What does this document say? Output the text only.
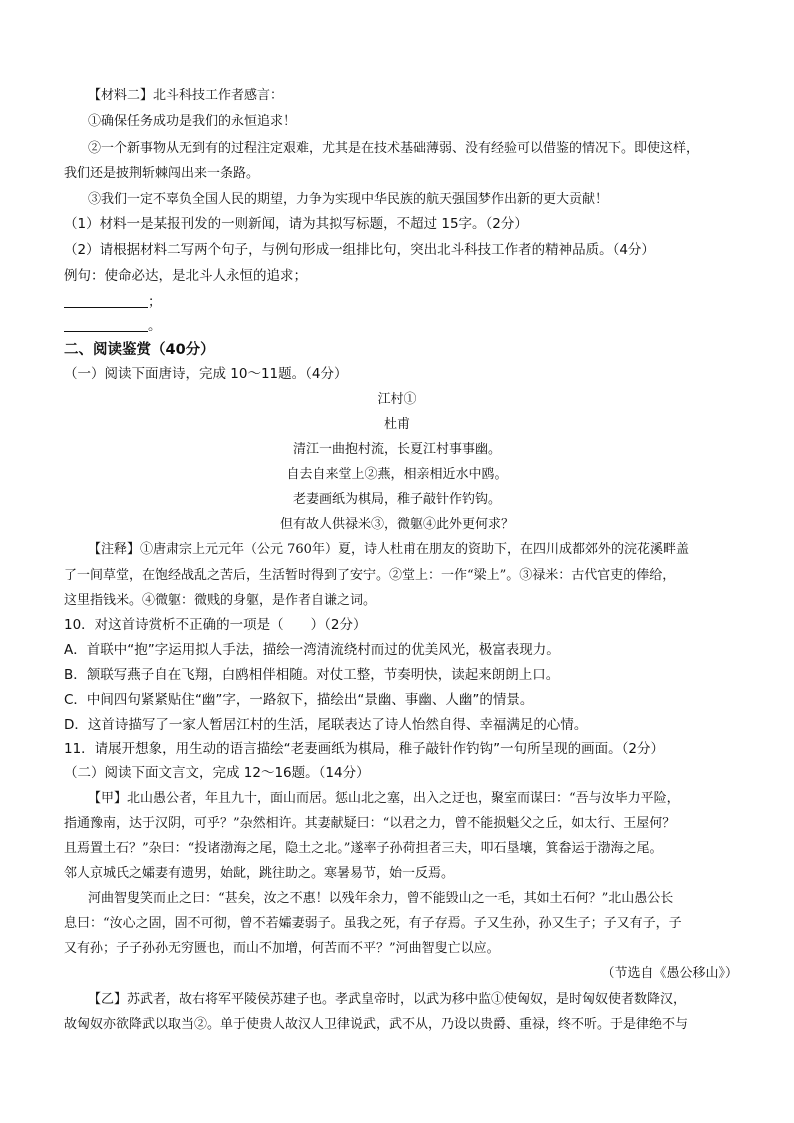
【材料二】北斗科技工作者感言：
①确保任务成功是我们的永恒追求！
②一个新事物从无到有的过程注定艰难，尤其是在技术基础薄弱、没有经验可以借鉴的情况下。即使这样，
我们还是披荆斩棘闯出来一条路。
③我们一定不辜负全国人民的期望，力争为实现中华民族的航天强国梦作出新的更大贡献！
（1）材料一是某报刊发的一则新闻，请为其拟写标题，不超过 15字。（2分）
（2）请根据材料二写两个句子，与例句形成一组排比句，突出北斗科技工作者的精神品质。（4分）
例句：使命必达，是北斗人永恒的追求；
；
。
二、阅读鉴赏（40分）
（一）阅读下面唐诗，完成 10～11题。（4分）
江村①
杜甫
清江一曲抱村流，长夏江村事事幽。
自去自来堂上②燕，相亲相近水中鸥。
老妻画纸为棋局，稚子敲针作钓钩。
但有故人供禄米③，微躯④此外更何求？
【注释】①唐肃宗上元元年（公元 760年）夏，诗人杜甫在朋友的资助下，在四川成都郊外的浣花溪畔盖
了一间草堂，在饱经战乱之苦后，生活暂时得到了安宁。②堂上：一作“梁上”。③禄米：古代官吏的俸给，
这里指钱米。④微躯：微贱的身躯，是作者自谦之词。
10．对这首诗赏析不正确的一项是（　　）（2分）
A．首联中“抱”字运用拟人手法，描绘一湾清流绕村而过的优美风光，极富表现力。
B．颔联写燕子自在飞翔，白鸥相伴相随。对仗工整，节奏明快，读起来朗朗上口。
C．中间四句紧紧贴住“幽”字，一路叙下，描绘出“景幽、事幽、人幽”的情景。
D．这首诗描写了一家人暂居江村的生活，尾联表达了诗人怡然自得、幸福满足的心情。
11．请展开想象，用生动的语言描绘“老妻画纸为棋局，稚子敲针作钓钩”一句所呈现的画面。（2分）
（二）阅读下面文言文，完成 12～16题。（14分）
【甲】北山愚公者，年且九十，面山而居。惩山北之塞，出入之迂也，聚室而谋曰：“吾与汝毕力平险，
指通豫南，达于汉阴，可乎？”杂然相许。其妻献疑曰：“以君之力，曾不能损魁父之丘，如太行、王屋何？
且焉置土石？”杂曰：“投诸渤海之尾，隐土之北。”遂率子孙荷担者三夫，叩石垦壤，箕畚运于渤海之尾。
邻人京城氏之孀妻有遗男，始龀，跳往助之。寒暑易节，始一反焉。
河曲智叟笑而止之曰：“甚矣，汝之不惠！以残年余力，曾不能毁山之一毛，其如土石何？”北山愚公长
息曰：“汝心之固，固不可彻，曾不若孀妻弱子。虽我之死，有子存焉。子又生孙，孙又生子；子又有子，子
又有孙；子子孙孙无穷匮也，而山不加增，何苦而不平？”河曲智叟亡以应。
（节选自《愚公移山》）
【乙】苏武者，故右将军平陵侯苏建子也。孝武皇帝时，以武为移中监①使匈奴，是时匈奴使者数降汉，
故匈奴亦欲降武以取当②。单于使贵人故汉人卫律说武，武不从，乃设以贵爵、重禄，终不听。于是律绝不与
